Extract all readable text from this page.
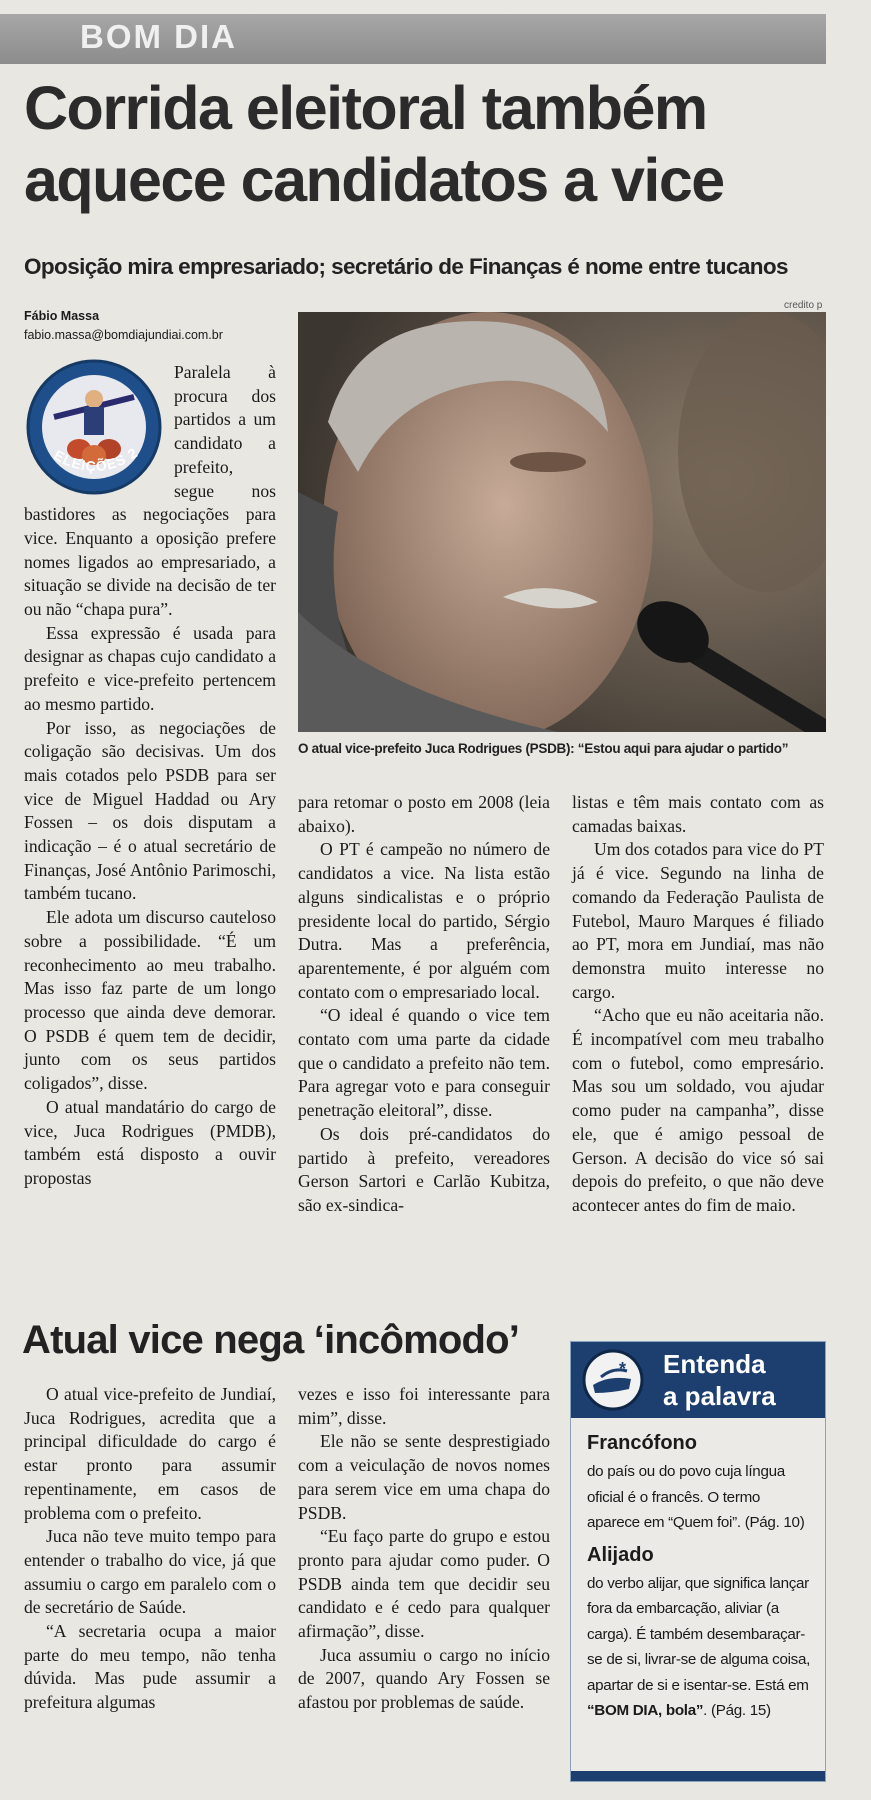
BOM DIA
Corrida eleitoral também aquece candidatos a vice
Oposição mira empresariado; secretário de Finanças é nome entre tucanos
Fábio Massa
fabio.massa@bomdiajundiai.com.br
credito p
O atual vice-prefeito Juca Rodrigues (PSDB): “Estou aqui para ajudar o partido”
ELEIÇÕES 2

Paralela à procura dos partidos a um candidato a prefeito, segue nos bastidores as negociações para vice. Enquanto a oposição prefere nomes ligados ao empresariado, a situação se divide na decisão de ter ou não “chapa pura”.

Essa expressão é usada para designar as chapas cujo candidato a prefeito e vice-prefeito pertencem ao mesmo partido.

Por isso, as negociações de coligação são decisivas. Um dos mais cotados pelo PSDB para ser vice de Miguel Haddad ou Ary Fossen – os dois disputam a indicação – é o atual secretário de Finanças, José Antônio Parimoschi, também tucano.

Ele adota um discurso cauteloso sobre a possibilidade. “É um reconhecimento ao meu trabalho. Mas isso faz parte de um longo processo que ainda deve demorar. O PSDB é quem tem de decidir, junto com os seus partidos coligados”, disse.

O atual mandatário do cargo de vice, Juca Rodrigues (PMDB), também está disposto a ouvir propostas

para retomar o posto em 2008 (leia abaixo).

O PT é campeão no número de candidatos a vice. Na lista estão alguns sindicalistas e o próprio presidente local do partido, Sérgio Dutra. Mas a preferência, aparentemente, é por alguém com contato com o empresariado local.

“O ideal é quando o vice tem contato com uma parte da cidade que o candidato a prefeito não tem. Para agregar voto e para conseguir penetração eleitoral”, disse.

Os dois pré-candidatos do partido à prefeito, vereadores Gerson Sartori e Carlão Kubitza, são ex-sindica-

listas e têm mais contato com as camadas baixas.

Um dos cotados para vice do PT já é vice. Segundo na linha de comando da Federação Paulista de Futebol, Mauro Marques é filiado ao PT, mora em Jundiaí, mas não demonstra muito interesse no cargo.

“Acho que eu não aceitaria não. É incompatível com meu trabalho com o futebol, como empresário. Mas sou um soldado, vou ajudar como puder na campanha”, disse ele, que é amigo pessoal de Gerson. A decisão do vice só sai depois do prefeito, o que não deve acontecer antes do fim de maio.

Atual vice nega ‘incômodo’

O atual vice-prefeito de Jundiaí, Juca Rodrigues, acredita que a principal dificuldade do cargo é estar pronto para assumir repentinamente, em casos de problema com o prefeito.

Juca não teve muito tempo para entender o trabalho do vice, já que assumiu o cargo em paralelo com o de secretário de Saúde.

“A secretaria ocupa a maior parte do meu tempo, não tenha dúvida. Mas pude assumir a prefeitura algumas

vezes e isso foi interessante para mim”, disse.

Ele não se sente desprestigiado com a veiculação de novos nomes para serem vice em uma chapa do PSDB.

“Eu faço parte do grupo e estou pronto para ajudar como puder. O PSDB ainda tem que decidir seu candidato e é cedo para qualquer afirmação”, disse.

Juca assumiu o cargo no início de 2007, quando Ary Fossen se afastou por problemas de saúde.

* Entenda
a palavra
Francófono

do país ou do povo cuja língua oficial é o francês. O termo aparece em “Quem foi”. (Pág. 10)

Alijado

do verbo alijar, que significa lançar fora da embarcação, aliviar (a carga). É também desembaraçar-se de si, livrar-se de alguma coisa, apartar de si e isentar-se. Está em “BOM DIA, bola”. (Pág. 15)
